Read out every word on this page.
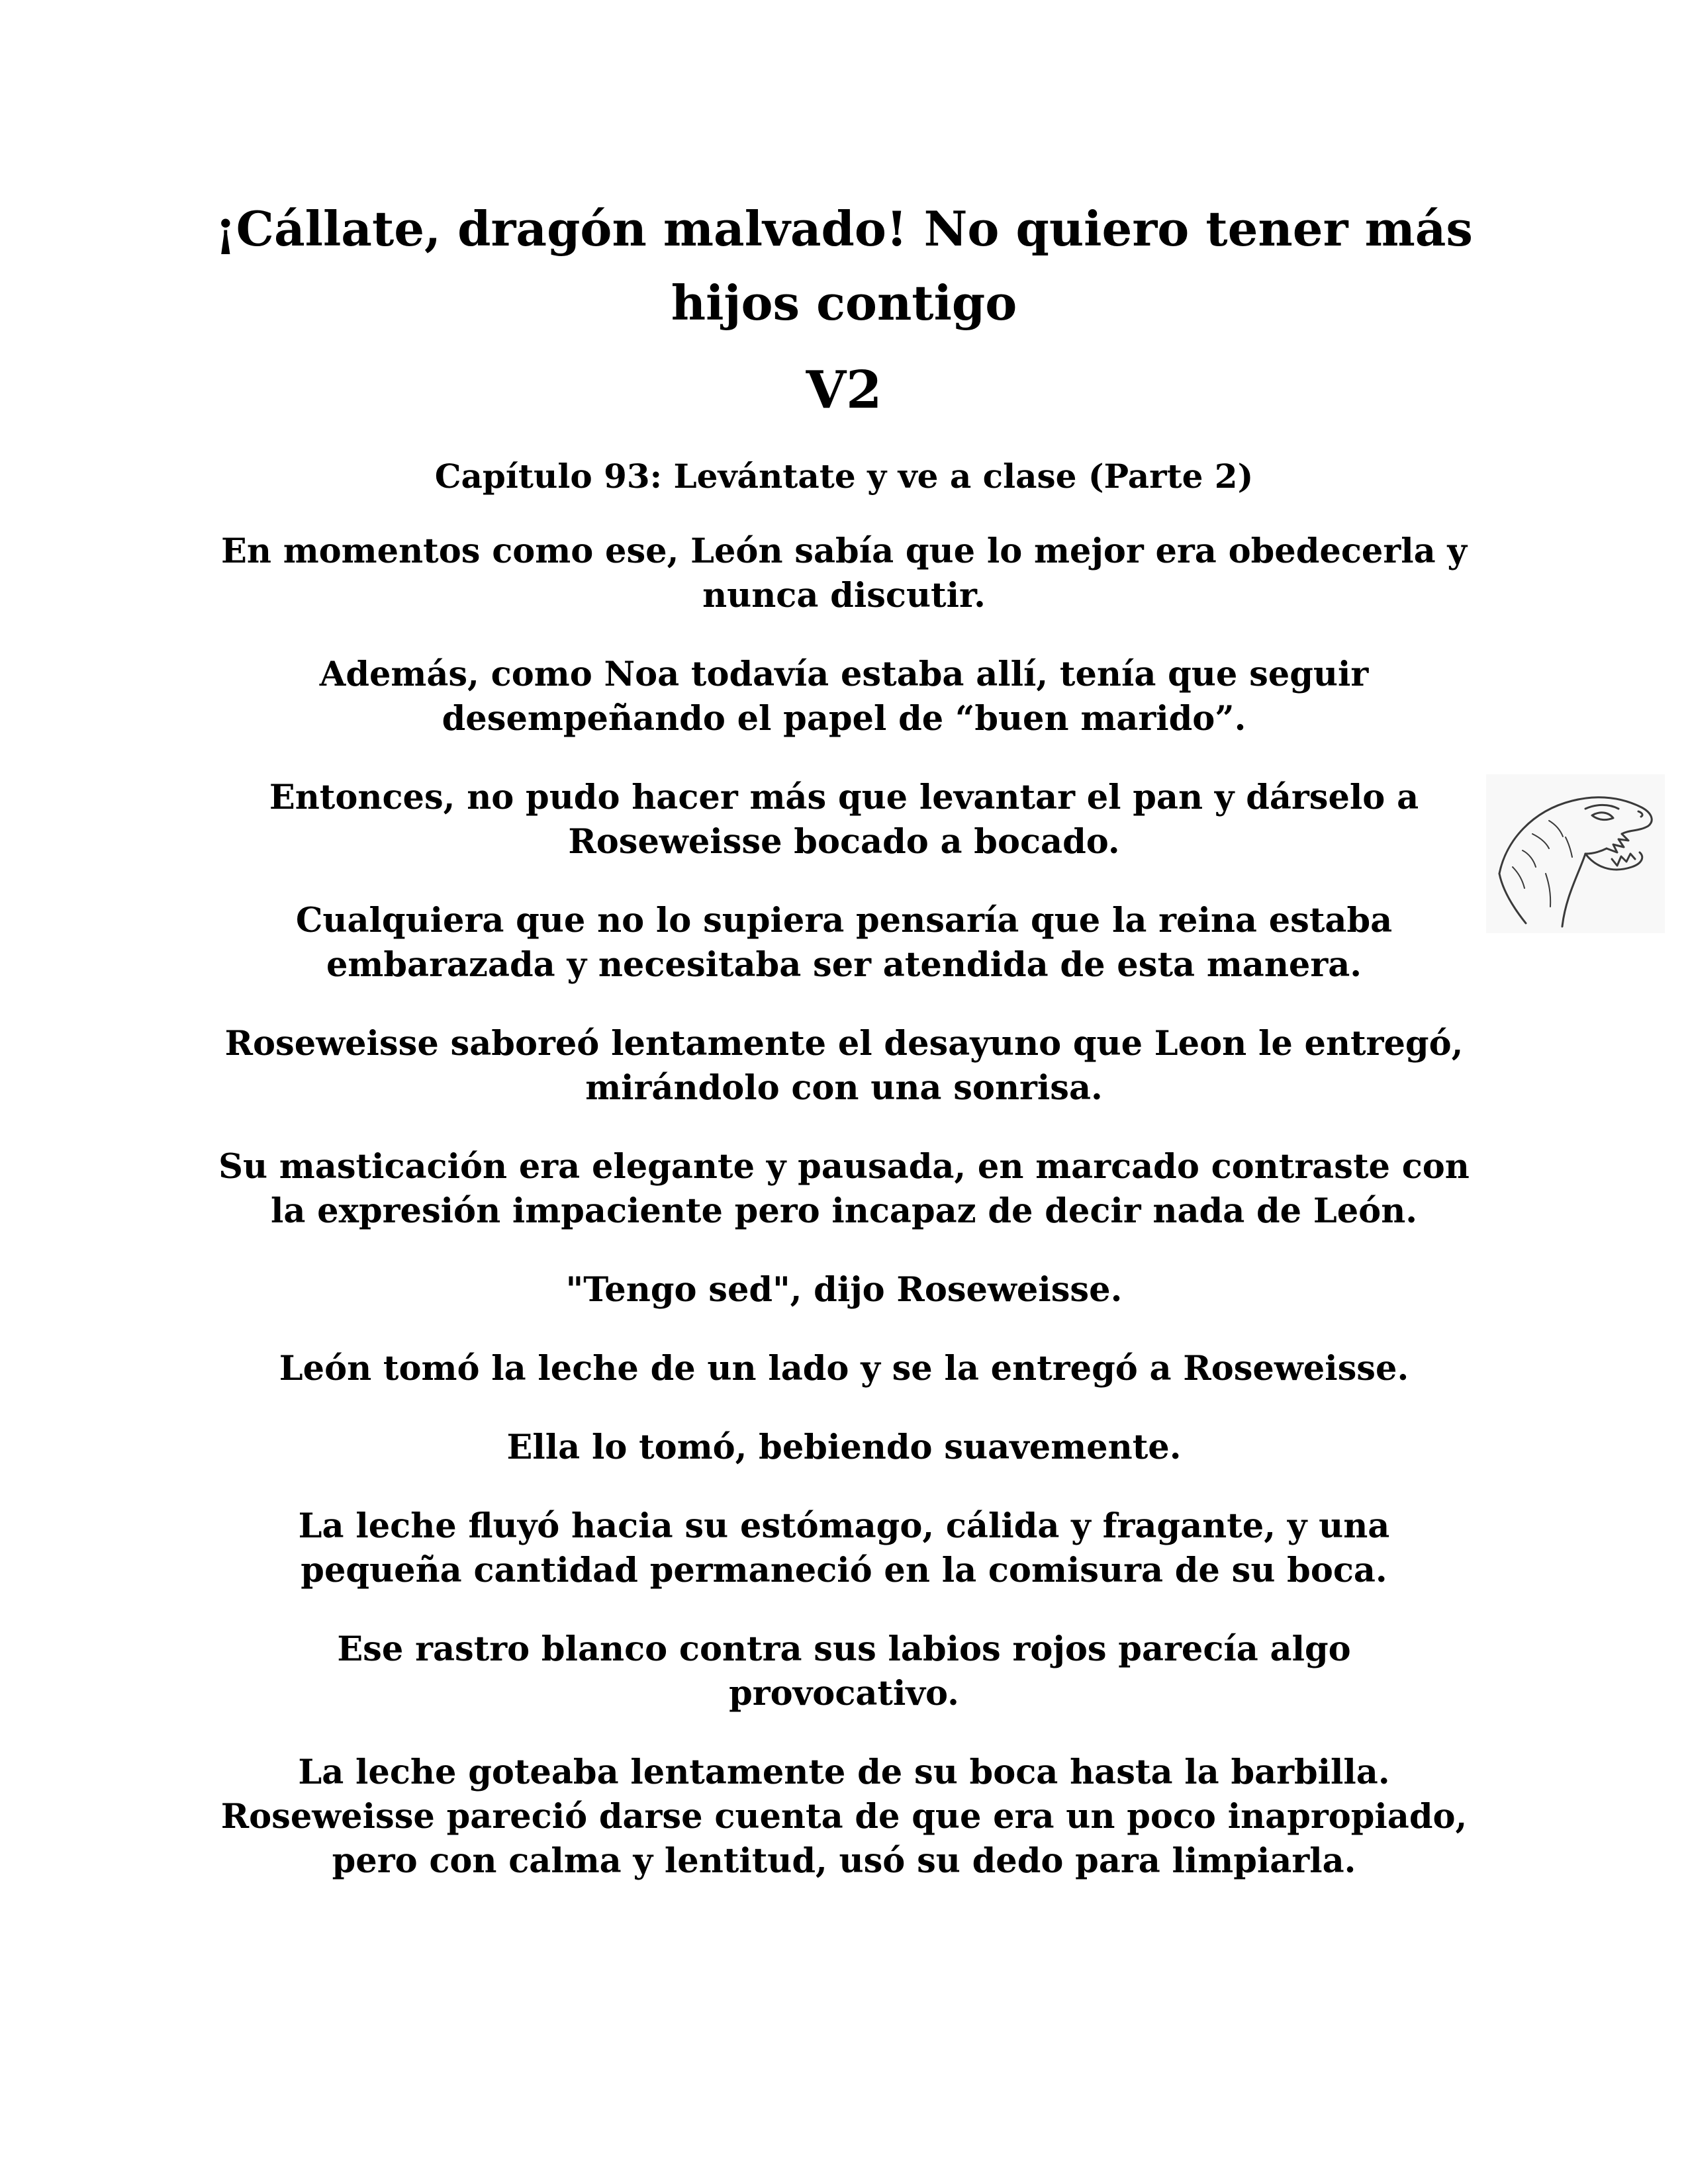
¡Cállate, dragón malvado! No quiero tener más hijos contigo
V2
Capítulo 93: Levántate y ve a clase (Parte 2)

En momentos como ese, León sabía que lo mejor era obedecerla y nunca discutir.

Además, como Noa todavía estaba allí, tenía que seguir desempeñando el papel de “buen marido”.

Entonces, no pudo hacer más que levantar el pan y dárselo a Roseweisse bocado a bocado.

Cualquiera que no lo supiera pensaría que la reina estaba embarazada y necesitaba ser atendida de esta manera.

Roseweisse saboreó lentamente el desayuno que Leon le entregó, mirándolo con una sonrisa.

Su masticación era elegante y pausada, en marcado contraste con la expresión impaciente pero incapaz de decir nada de León.

"Tengo sed", dijo Roseweisse.

León tomó la leche de un lado y se la entregó a Roseweisse.

Ella lo tomó, bebiendo suavemente.

La leche fluyó hacia su estómago, cálida y fragante, y una pequeña cantidad permaneció en la comisura de su boca.

Ese rastro blanco contra sus labios rojos parecía algo provocativo.

La leche goteaba lentamente de su boca hasta la barbilla. Roseweisse pareció darse cuenta de que era un poco inapropiado, pero con calma y lentitud, usó su dedo para limpiarla.
